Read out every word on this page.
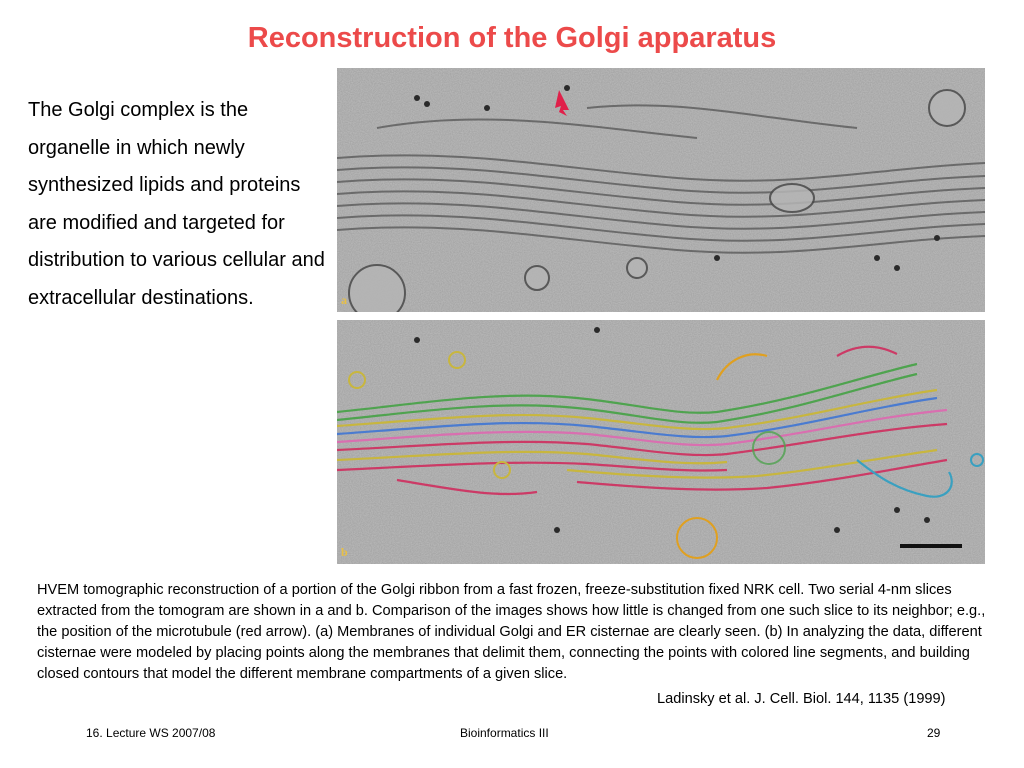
Reconstruction of the Golgi apparatus

The Golgi complex is the organelle in which newly synthesized lipids and proteins are modified and targeted for distribution to various cellular and extracellular destinations.	a
b

HVEM tomographic reconstruction of a portion of the Golgi ribbon from a fast frozen, freeze-substitution fixed NRK cell. Two serial 4-nm slices extracted from the tomogram are shown in a and b. Comparison of the images shows how little is changed from one such slice to its neighbor; e.g., the position of the microtubule (red arrow). (a) Membranes of individual Golgi and ER cisternae are clearly seen. (b) In analyzing the data, different cisternae were modeled by placing points along the membranes that delimit them, connecting the points with colored line segments, and building closed contours that model the different membrane compartments of a given slice.

Ladinsky et al. J. Cell. Biol. 144, 1135 (1999)

16. Lecture WS 2007/08	Bioinformatics III	29
